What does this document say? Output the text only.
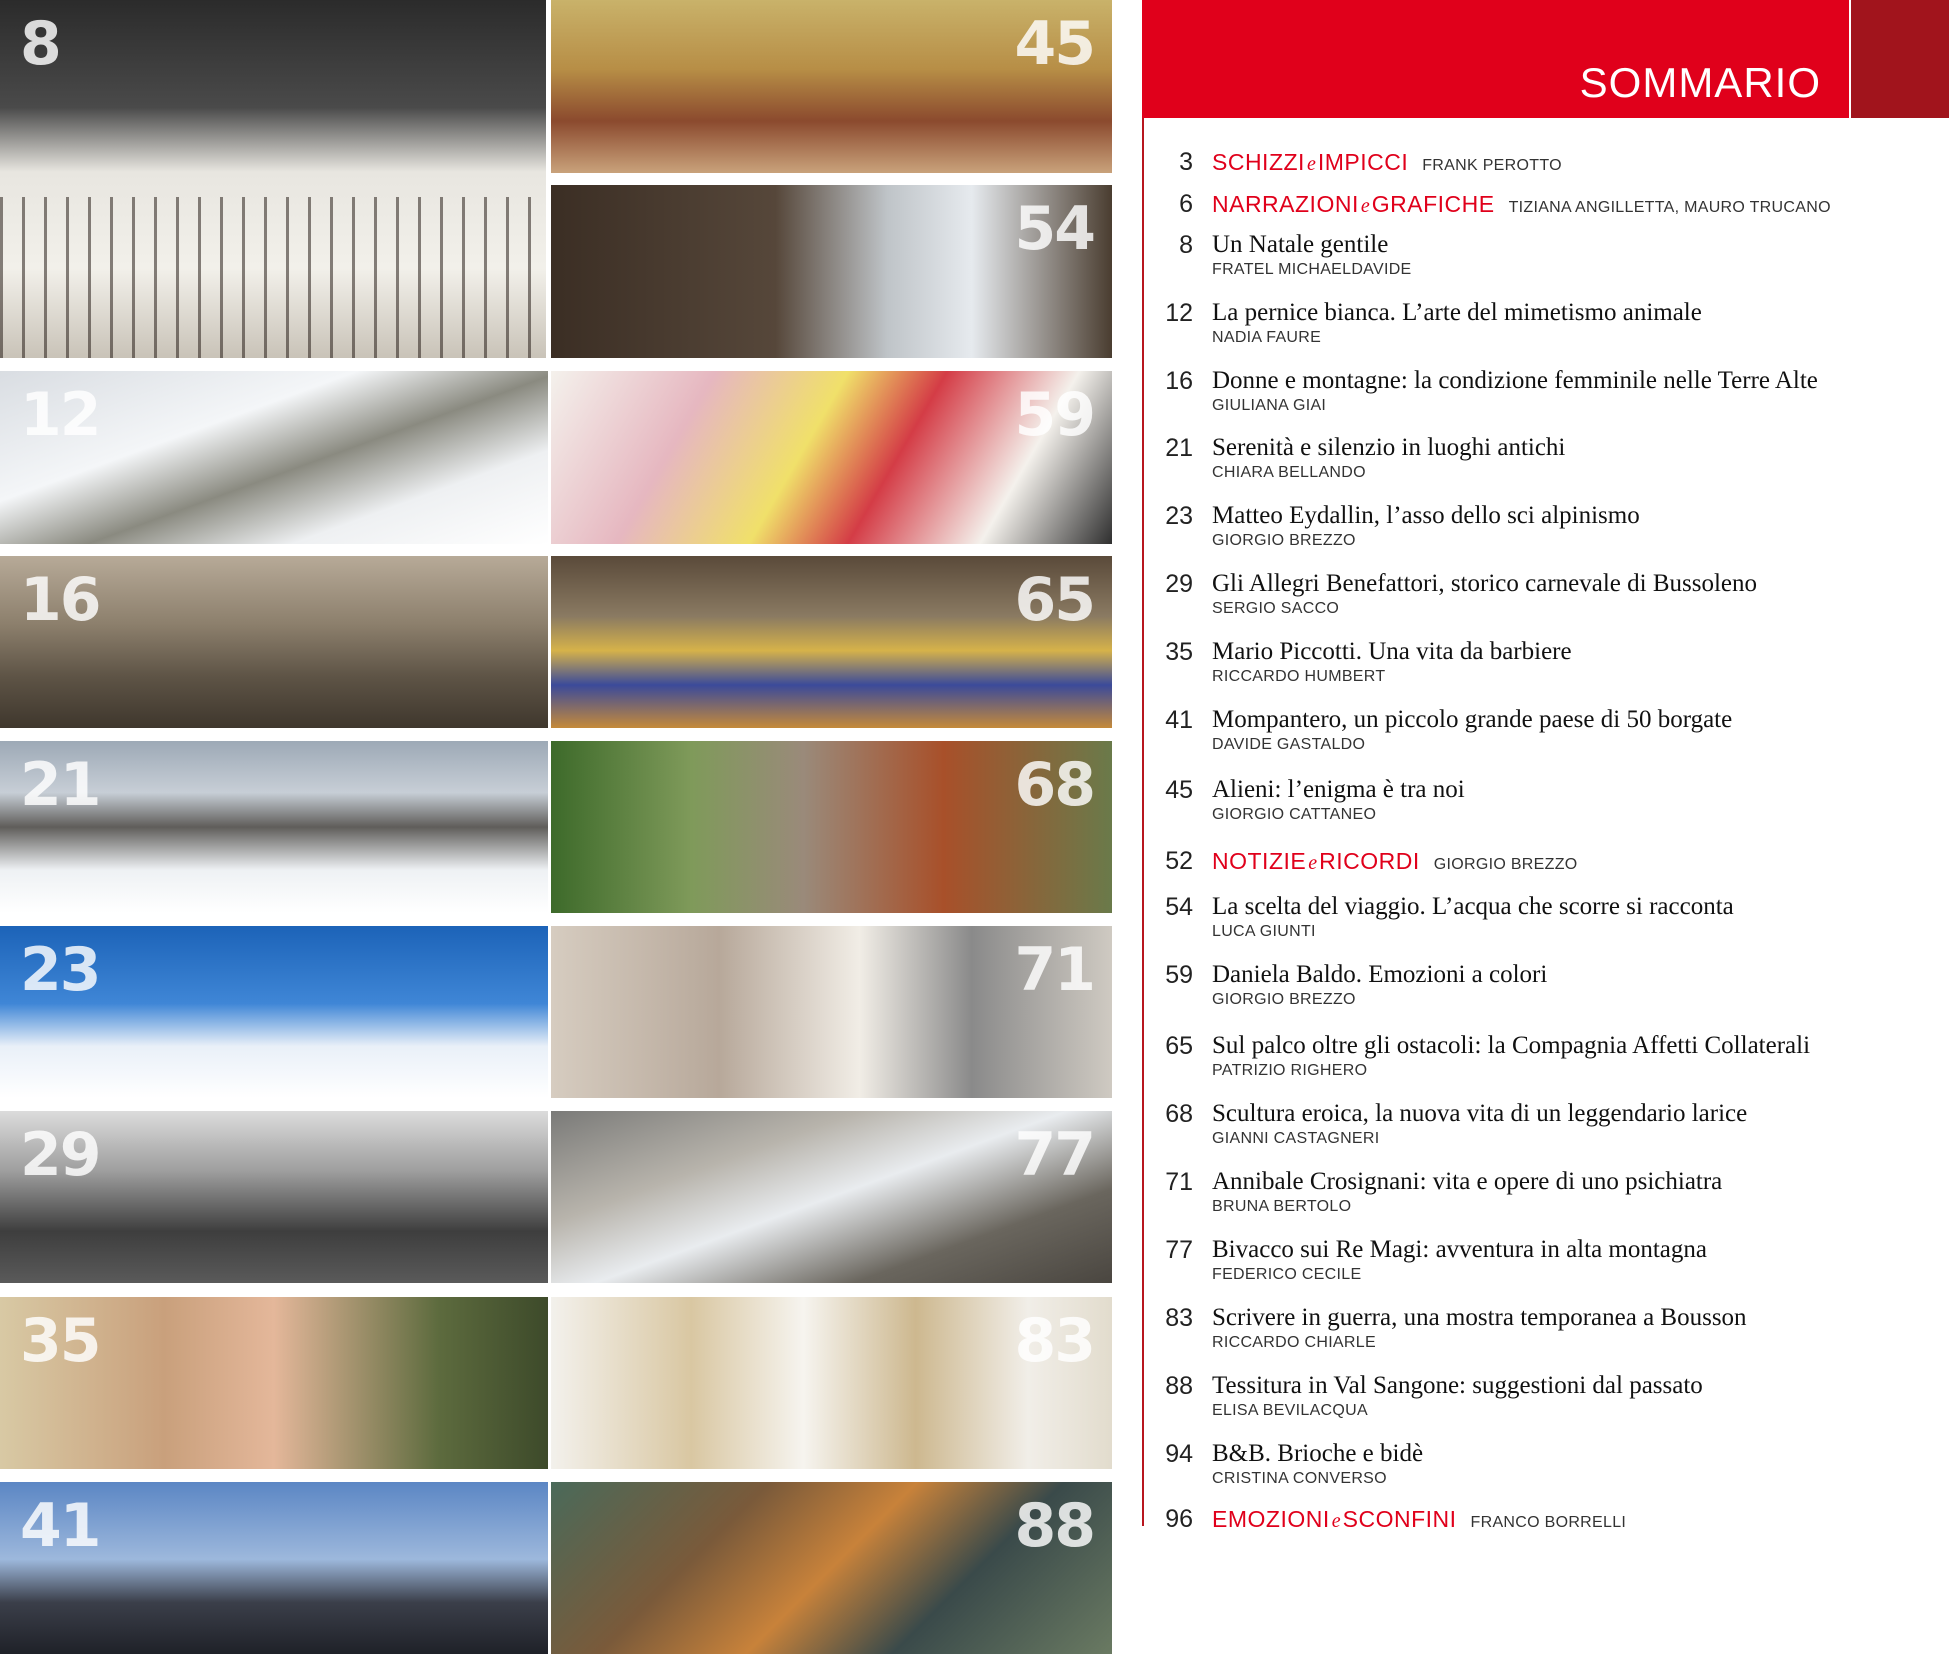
8
12
16
21
23
29
35
41
45
54
59
65
68
71
77
83
88
SOMMARIO
3 SCHIZZI eIMPICCI FRANK PEROTTO
6 NARRAZIONI eGRAFICHE TIZIANA ANGILLETTA, MAURO TRUCANO
8 Un Natale gentile
FRATEL MICHAELDAVIDE
12 La pernice bianca. L’arte del mimetismo animale
NADIA FAURE
16 Donne e montagne: la condizione femminile nelle Terre Alte
GIULIANA GIAI
21 Serenità e silenzio in luoghi antichi
CHIARA BELLANDO
23 Matteo Eydallin, l’asso dello sci alpinismo
GIORGIO BREZZO
29 Gli Allegri Benefattori, storico carnevale di Bussoleno
SERGIO SACCO
35 Mario Piccotti. Una vita da barbiere
RICCARDO HUMBERT
41 Mompantero, un piccolo grande paese di 50 borgate
DAVIDE GASTALDO
45 Alieni: l’enigma è tra noi
GIORGIO CATTANEO
52 NOTIZIE eRICORDI GIORGIO BREZZO
54 La scelta del viaggio. L’acqua che scorre si racconta
LUCA GIUNTI
59 Daniela Baldo. Emozioni a colori
GIORGIO BREZZO
65 Sul palco oltre gli ostacoli: la Compagnia Affetti Collaterali
PATRIZIO RIGHERO
68 Scultura eroica, la nuova vita di un leggendario larice
GIANNI CASTAGNERI
71 Annibale Crosignani: vita e opere di uno psichiatra
BRUNA BERTOLO
77 Bivacco sui Re Magi: avventura in alta montagna
FEDERICO CECILE
83 Scrivere in guerra, una mostra temporanea a Bousson
RICCARDO CHIARLE
88 Tessitura in Val Sangone: suggestioni dal passato
ELISA BEVILACQUA
94 B&B. Brioche e bidè
CRISTINA CONVERSO
96 EMOZIONI eSCONFINI FRANCO BORRELLI
